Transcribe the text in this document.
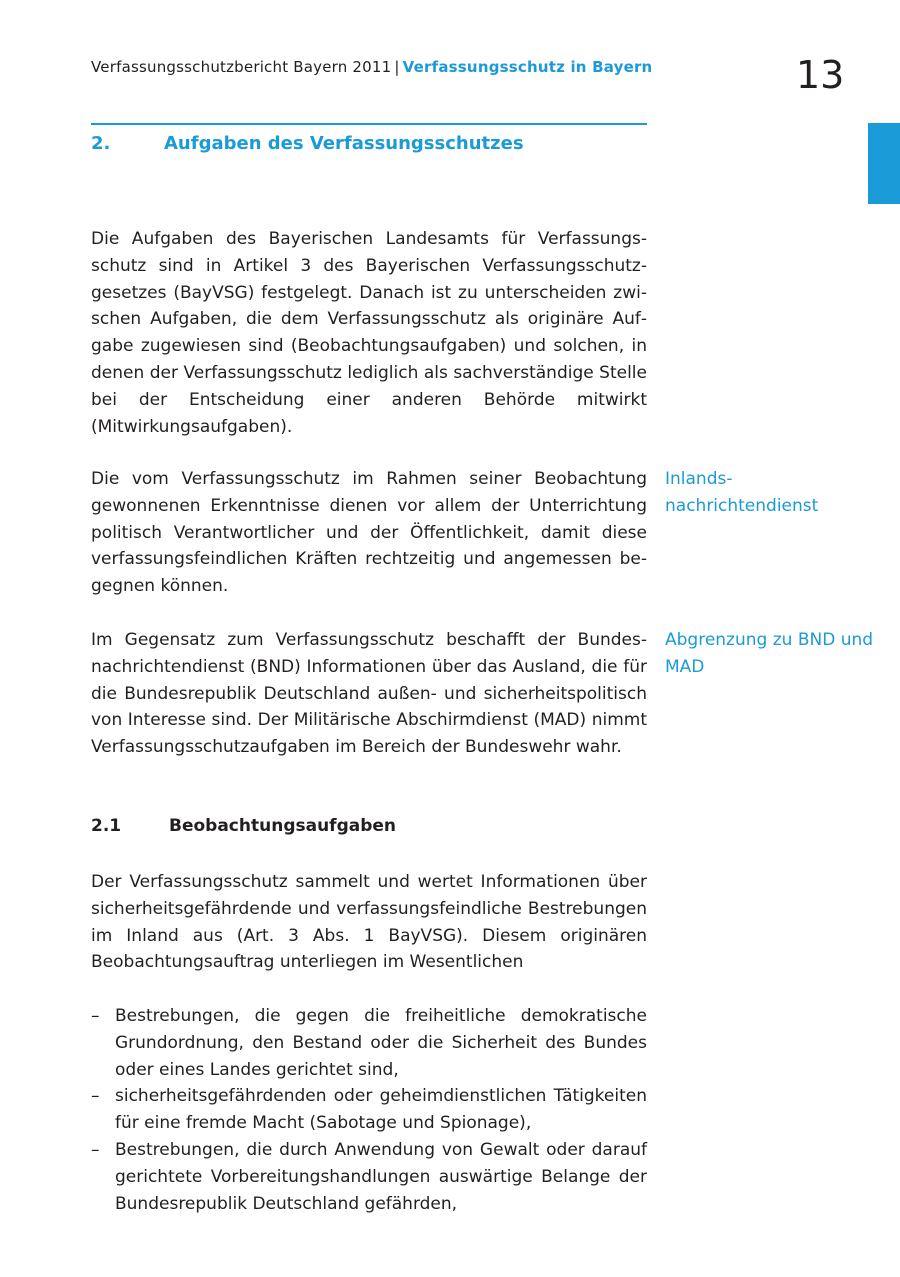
Verfassungsschutzbericht Bayern 2011 | Verfassungsschutz in Bayern	13
2.	Aufgaben des Verfassungsschutzes

Die Aufgaben des Bayerischen Landesamts für Verfassungsschutz sind in Artikel 3 des Bayerischen Verfassungsschutzgesetzes (BayVSG) festgelegt. Danach ist zu unterscheiden zwischen Aufgaben, die dem Verfassungsschutz als originäre Aufgabe zugewiesen sind (Beobachtungsaufgaben) und solchen, in denen der Verfassungsschutz lediglich als sachverständige Stelle bei der Entscheidung einer anderen Behörde mitwirkt (Mitwirkungsaufgaben).

Die vom Verfassungsschutz im Rahmen seiner Beobachtung gewonnenen Erkenntnisse dienen vor allem der Unterrichtung politisch Verantwortlicher und der Öffentlichkeit, damit diese verfassungsfeindlichen Kräften rechtzeitig und angemessen begegnen können.

Inlandsnachrichtendienst

Im Gegensatz zum Verfassungsschutz beschafft der Bundesnachrichtendienst (BND) Informationen über das Ausland, die für die Bundesrepublik Deutschland außen- und sicherheitspolitisch von Interesse sind. Der Militärische Abschirmdienst (MAD) nimmt Verfassungsschutzaufgaben im Bereich der Bundeswehr wahr.

Abgrenzung zu BND und MAD
2.1	Beobachtungsaufgaben

Der Verfassungsschutz sammelt und wertet Informationen über sicherheitsgefährdende und verfassungsfeindliche Bestrebungen im Inland aus (Art. 3 Abs. 1 BayVSG). Diesem originären Beobachtungsauftrag unterliegen im Wesentlichen

– Bestrebungen, die gegen die freiheitliche demokratische Grundordnung, den Bestand oder die Sicherheit des Bundes oder eines Landes gerichtet sind,
– sicherheitsgefährdenden oder geheimdienstlichen Tätigkeiten für eine fremde Macht (Sabotage und Spionage),
– Bestrebungen, die durch Anwendung von Gewalt oder darauf gerichtete Vorbereitungshandlungen auswärtige Belange der Bundesrepublik Deutschland gefährden,
